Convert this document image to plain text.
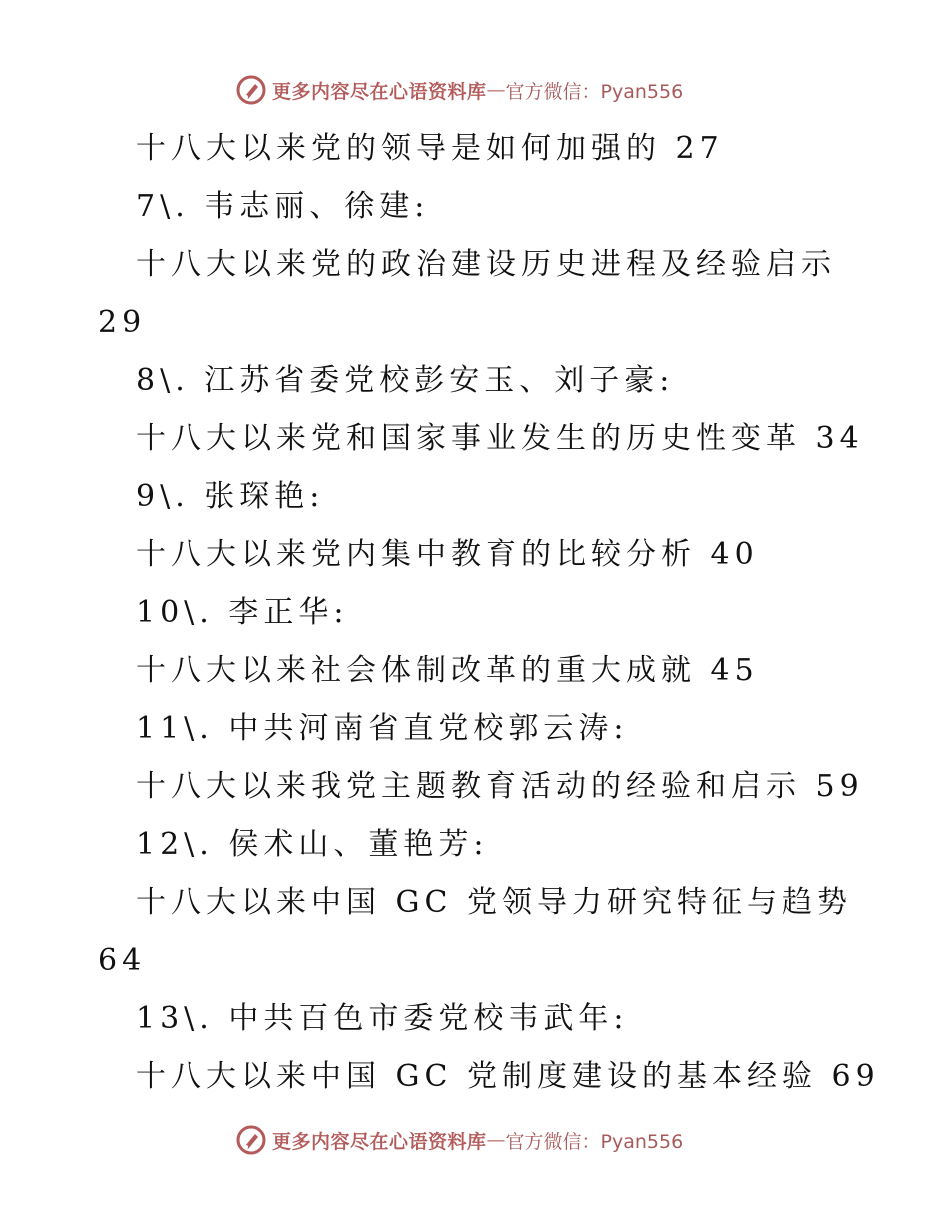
更多内容尽在心语资料库 — 官方微信：Pyan556
十八大以来党的领导是如何加强的 27
7\. 韦志丽、徐建:
十八大以来党的政治建设历史进程及经验启示
29
8\. 江苏省委党校彭安玉、刘子豪:
十八大以来党和国家事业发生的历史性变革 34
9\. 张琛艳:
十八大以来党内集中教育的比较分析 40
10\. 李正华:
十八大以来社会体制改革的重大成就 45
11\. 中共河南省直党校郭云涛:
十八大以来我党主题教育活动的经验和启示 59
12\. 侯术山、董艳芳:
十八大以来中国 GC 党领导力研究特征与趋势
64
13\. 中共百色市委党校韦武年:
十八大以来中国 GC 党制度建设的基本经验 69
更多内容尽在心语资料库 — 官方微信：Pyan556
